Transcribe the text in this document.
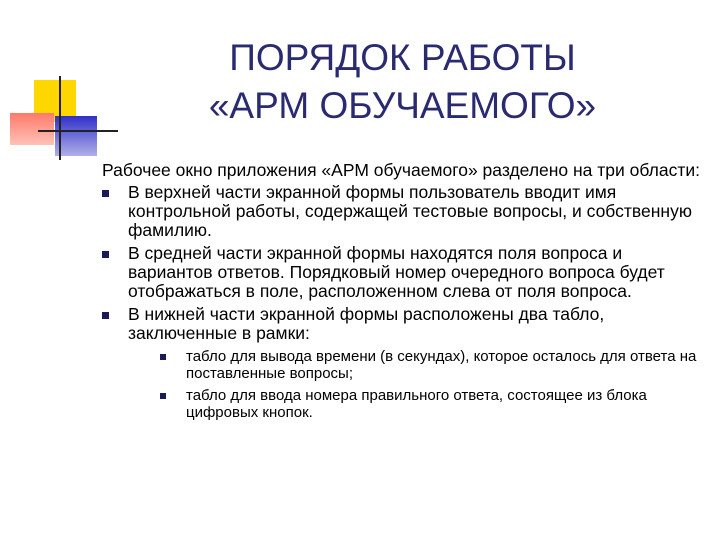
ПОРЯДОК РАБОТЫ
«АРМ ОБУЧАЕМОГО»

Рабочее окно приложения «АРМ обучаемого» разделено на три области:

В верхней части экранной формы пользователь вводит имя контрольной работы, содержащей тестовые вопросы, и собственную фамилию.
В средней части экранной формы находятся поля вопроса и вариантов ответов. Порядковый номер очередного вопроса будет отображаться в поле, расположенном слева от поля вопроса.
В нижней части экранной формы расположены два табло, заключенные в рамки:
табло для вывода времени (в секундах), которое осталось для ответа на поставленные вопросы;
табло для ввода номера правильного ответа, состоящее из блока цифровых кнопок.
